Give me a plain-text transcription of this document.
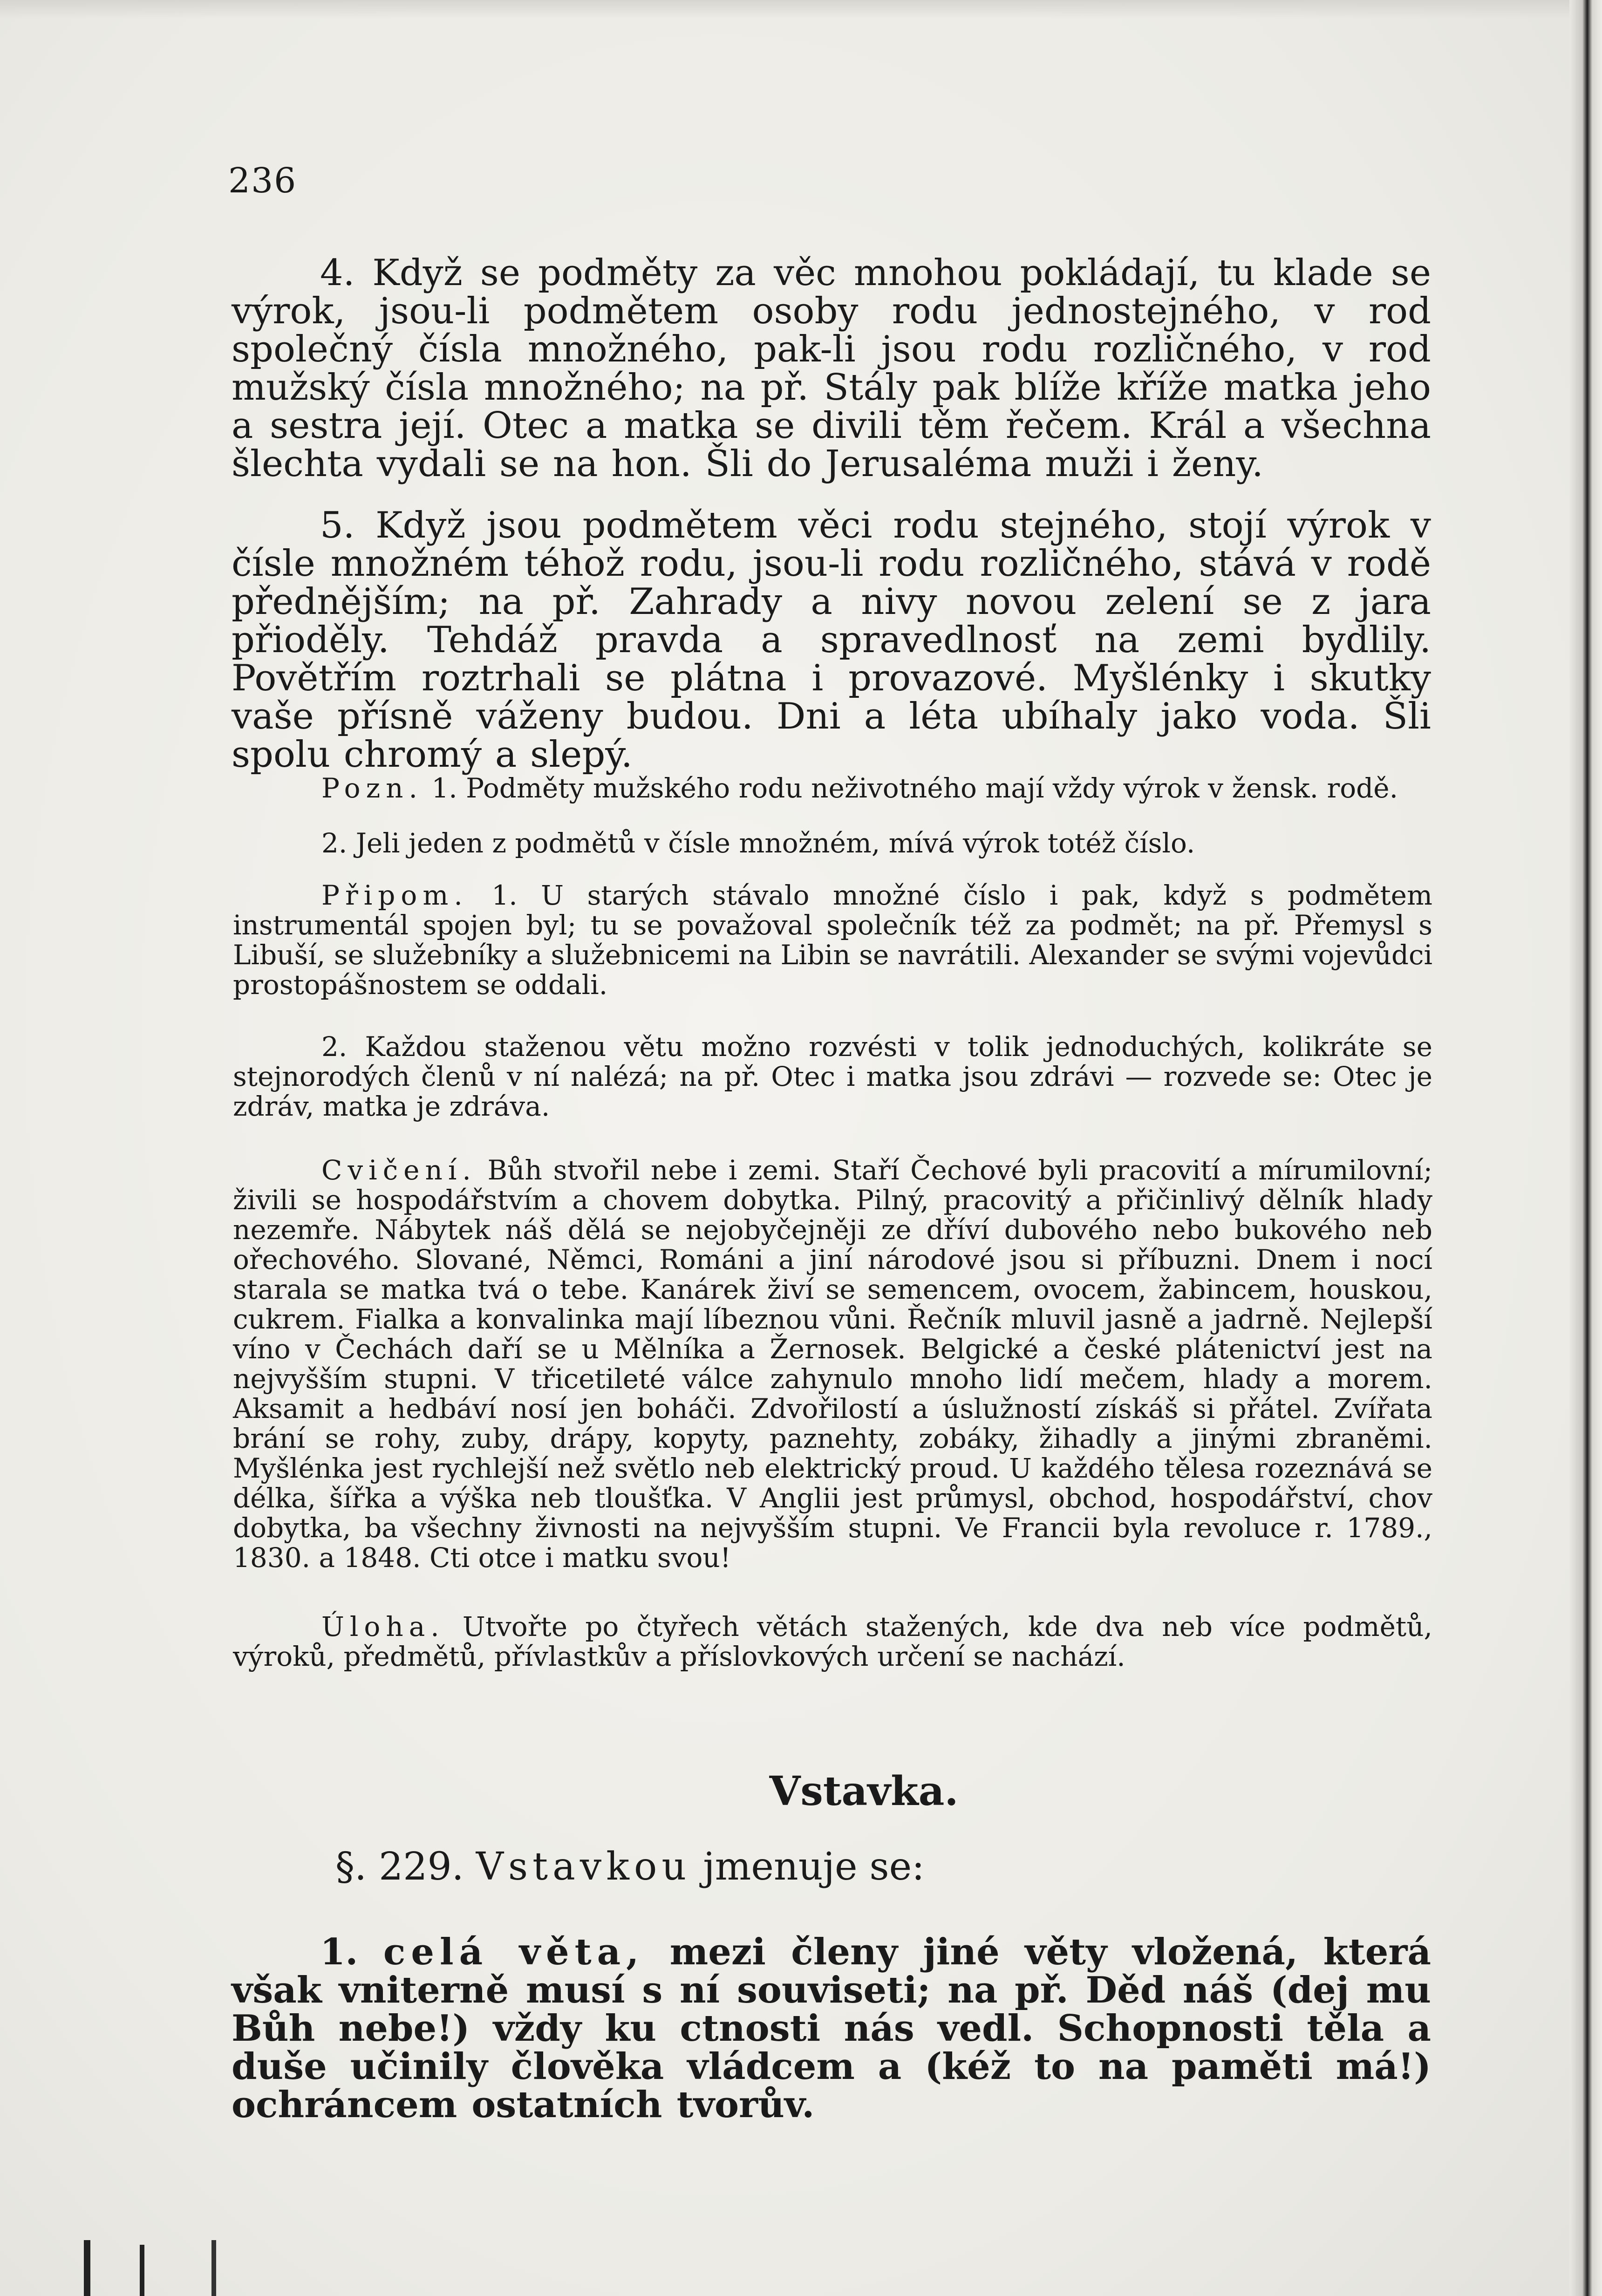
236

4. Když se podměty za věc mnohou pokládají, tu klade se výrok, jsou-li podmětem osoby rodu jednostejného, v rod společný čísla množného, pak-li jsou rodu rozličného, v rod mužský čísla množného; na př. Stály pak blíže kříže matka jeho a sestra její. Otec a matka se divili těm řečem. Král a všechna šlechta vydali se na hon. Šli do Jerusaléma muži i ženy.

5. Když jsou podmětem věci rodu stejného, stojí výrok v čísle množném téhož rodu, jsou-li rodu rozličného, stává v rodě přednějším; na př. Zahrady a nivy novou zelení se z jara přioděly. Tehdáž pravda a spravedlnosť na zemi bydlily. Povětřím roztrhali se plátna i provazové. Myšlénky i skutky vaše přísně váženy budou. Dni a léta ubíhaly jako voda. Šli spolu chromý a slepý.

Pozn. 1. Podměty mužského rodu neživotného mají vždy výrok v žensk. rodě.

2. Jeli jeden z podmětů v čísle množném, mívá výrok totéž číslo.

Připom. 1. U starých stávalo množné číslo i pak, když s podmětem instrumentál spojen byl; tu se považoval společník též za podmět; na př. Přemysl s Libuší, se služebníky a služebnicemi na Libin se navrátili. Alexander se svými vojevůdci prostopášnostem se oddali.

2. Každou staženou větu možno rozvésti v tolik jednoduchých, kolikráte se stejnorodých členů v ní nalézá; na př. Otec i matka jsou zdrávi — rozvede se: Otec je zdráv, matka je zdráva.

Cvičení. Bůh stvořil nebe i zemi. Staří Čechové byli pracovití a mírumilovní; živili se hospodářstvím a chovem dobytka. Pilný, pracovitý a přičinlivý dělník hlady nezemře. Nábytek náš dělá se nejobyčejněji ze dříví dubového nebo bukového neb ořechového. Slované, Němci, Románi a jiní národové jsou si příbuzni. Dnem i nocí starala se matka tvá o tebe. Kanárek živí se semencem, ovocem, žabincem, houskou, cukrem. Fialka a konvalinka mají líbeznou vůni. Řečník mluvil jasně a jadrně. Nejlepší víno v Čechách daří se u Mělníka a Žernosek. Belgické a české plátenictví jest na nejvyšším stupni. V třicetileté válce zahynulo mnoho lidí mečem, hlady a morem. Aksamit a hedbáví nosí jen boháči. Zdvořilostí a úslužností získáš si přátel. Zvířata brání se rohy, zuby, drápy, kopyty, paznehty, zobáky, žihadly a jinými zbraněmi. Myšlénka jest rychlejší než světlo neb elektrický proud. U každého tělesa rozeznává se délka, šířka a výška neb tloušťka. V Anglii jest průmysl, obchod, hospodářství, chov dobytka, ba všechny živnosti na nejvyšším stupni. Ve Francii byla revoluce r. 1789., 1830. a 1848. Cti otce i matku svou!

Úloha. Utvořte po čtyřech větách stažených, kde dva neb více podmětů, výroků, předmětů, přívlastkův a příslovkových určení se nachází.

Vstavka.

§. 229. Vstavkou jmenuje se:

1. celá věta, mezi členy jiné věty vložená, která však vniterně musí s ní souviseti; na př. Děd náš (dej mu Bůh nebe!) vždy ku ctnosti nás vedl. Schopnosti těla a duše učinily člověka vládcem a (kéž to na paměti má!) ochráncem ostatních tvorův.
